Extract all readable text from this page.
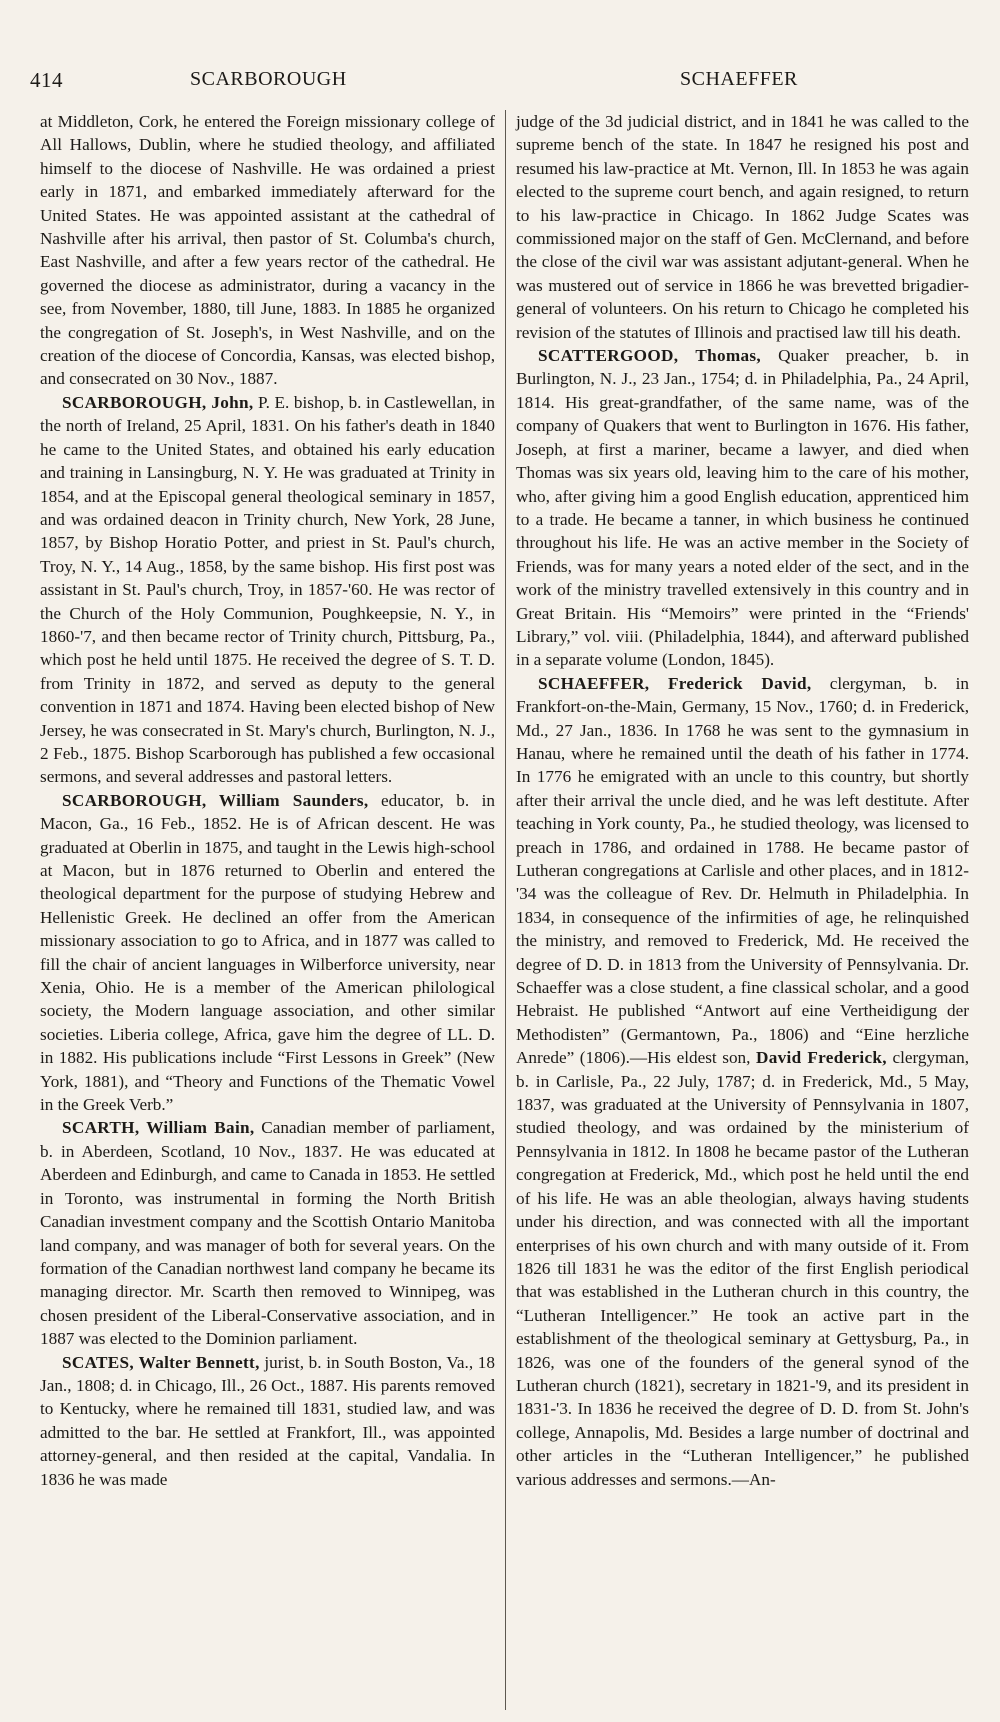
414	SCARBOROUGH	SCHAEFFER

at Middleton, Cork, he entered the Foreign missionary college of All Hallows, Dublin, where he studied theology, and affiliated himself to the diocese of Nashville. He was ordained a priest early in 1871, and embarked immediately afterward for the United States. He was appointed assistant at the cathedral of Nashville after his arrival, then pastor of St. Columba's church, East Nashville, and after a few years rector of the cathedral. He governed the diocese as administrator, during a vacancy in the see, from November, 1880, till June, 1883. In 1885 he organized the congregation of St. Joseph's, in West Nashville, and on the creation of the diocese of Concordia, Kansas, was elected bishop, and consecrated on 30 Nov., 1887.

SCARBOROUGH, John, P. E. bishop, b. in Castlewellan, in the north of Ireland, 25 April, 1831. On his father's death in 1840 he came to the United States, and obtained his early education and training in Lansingburg, N. Y. He was graduated at Trinity in 1854, and at the Episcopal general theological seminary in 1857, and was ordained deacon in Trinity church, New York, 28 June, 1857, by Bishop Horatio Potter, and priest in St. Paul's church, Troy, N. Y., 14 Aug., 1858, by the same bishop. His first post was assistant in St. Paul's church, Troy, in 1857-'60. He was rector of the Church of the Holy Communion, Poughkeepsie, N. Y., in 1860-'7, and then became rector of Trinity church, Pittsburg, Pa., which post he held until 1875. He received the degree of S. T. D. from Trinity in 1872, and served as deputy to the general convention in 1871 and 1874. Having been elected bishop of New Jersey, he was consecrated in St. Mary's church, Burlington, N. J., 2 Feb., 1875. Bishop Scarborough has published a few occasional sermons, and several addresses and pastoral letters.

SCARBOROUGH, William Saunders, educator, b. in Macon, Ga., 16 Feb., 1852. He is of African descent. He was graduated at Oberlin in 1875, and taught in the Lewis high-school at Macon, but in 1876 returned to Oberlin and entered the theological department for the purpose of studying Hebrew and Hellenistic Greek. He declined an offer from the American missionary association to go to Africa, and in 1877 was called to fill the chair of ancient languages in Wilberforce university, near Xenia, Ohio. He is a member of the American philological society, the Modern language association, and other similar societies. Liberia college, Africa, gave him the degree of LL. D. in 1882. His publications include “First Lessons in Greek” (New York, 1881), and “Theory and Functions of the Thematic Vowel in the Greek Verb.”

SCARTH, William Bain, Canadian member of parliament, b. in Aberdeen, Scotland, 10 Nov., 1837. He was educated at Aberdeen and Edinburgh, and came to Canada in 1853. He settled in Toronto, was instrumental in forming the North British Canadian investment company and the Scottish Ontario Manitoba land company, and was manager of both for several years. On the formation of the Canadian northwest land company he became its managing director. Mr. Scarth then removed to Winnipeg, was chosen president of the Liberal-Conservative association, and in 1887 was elected to the Dominion parliament.

SCATES, Walter Bennett, jurist, b. in South Boston, Va., 18 Jan., 1808; d. in Chicago, Ill., 26 Oct., 1887. His parents removed to Kentucky, where he remained till 1831, studied law, and was admitted to the bar. He settled at Frankfort, Ill., was appointed attorney-general, and then resided at the capital, Vandalia. In 1836 he was made

judge of the 3d judicial district, and in 1841 he was called to the supreme bench of the state. In 1847 he resigned his post and resumed his law-practice at Mt. Vernon, Ill. In 1853 he was again elected to the supreme court bench, and again resigned, to return to his law-practice in Chicago. In 1862 Judge Scates was commissioned major on the staff of Gen. McClernand, and before the close of the civil war was assistant adjutant-general. When he was mustered out of service in 1866 he was brevetted brigadier-general of volunteers. On his return to Chicago he completed his revision of the statutes of Illinois and practised law till his death.

SCATTERGOOD, Thomas, Quaker preacher, b. in Burlington, N. J., 23 Jan., 1754; d. in Philadelphia, Pa., 24 April, 1814. His great-grandfather, of the same name, was of the company of Quakers that went to Burlington in 1676. His father, Joseph, at first a mariner, became a lawyer, and died when Thomas was six years old, leaving him to the care of his mother, who, after giving him a good English education, apprenticed him to a trade. He became a tanner, in which business he continued throughout his life. He was an active member in the Society of Friends, was for many years a noted elder of the sect, and in the work of the ministry travelled extensively in this country and in Great Britain. His “Memoirs” were printed in the “Friends' Library,” vol. viii. (Philadelphia, 1844), and afterward published in a separate volume (London, 1845).

SCHAEFFER, Frederick David, clergyman, b. in Frankfort-on-the-Main, Germany, 15 Nov., 1760; d. in Frederick, Md., 27 Jan., 1836. In 1768 he was sent to the gymnasium in Hanau, where he remained until the death of his father in 1774. In 1776 he emigrated with an uncle to this country, but shortly after their arrival the uncle died, and he was left destitute. After teaching in York county, Pa., he studied theology, was licensed to preach in 1786, and ordained in 1788. He became pastor of Lutheran congregations at Carlisle and other places, and in 1812-'34 was the colleague of Rev. Dr. Helmuth in Philadelphia. In 1834, in consequence of the infirmities of age, he relinquished the ministry, and removed to Frederick, Md. He received the degree of D. D. in 1813 from the University of Pennsylvania. Dr. Schaeffer was a close student, a fine classical scholar, and a good Hebraist. He published “Antwort auf eine Vertheidigung der Methodisten” (Germantown, Pa., 1806) and “Eine herzliche Anrede” (1806).—His eldest son, David Frederick, clergyman, b. in Carlisle, Pa., 22 July, 1787; d. in Frederick, Md., 5 May, 1837, was graduated at the University of Pennsylvania in 1807, studied theology, and was ordained by the ministerium of Pennsylvania in 1812. In 1808 he became pastor of the Lutheran congregation at Frederick, Md., which post he held until the end of his life. He was an able theologian, always having students under his direction, and was connected with all the important enterprises of his own church and with many outside of it. From 1826 till 1831 he was the editor of the first English periodical that was established in the Lutheran church in this country, the “Lutheran Intelligencer.” He took an active part in the establishment of the theological seminary at Gettysburg, Pa., in 1826, was one of the founders of the general synod of the Lutheran church (1821), secretary in 1821-'9, and its president in 1831-'3. In 1836 he received the degree of D. D. from St. John's college, Annapolis, Md. Besides a large number of doctrinal and other articles in the “Lutheran Intelligencer,” he published various addresses and sermons.—An-
